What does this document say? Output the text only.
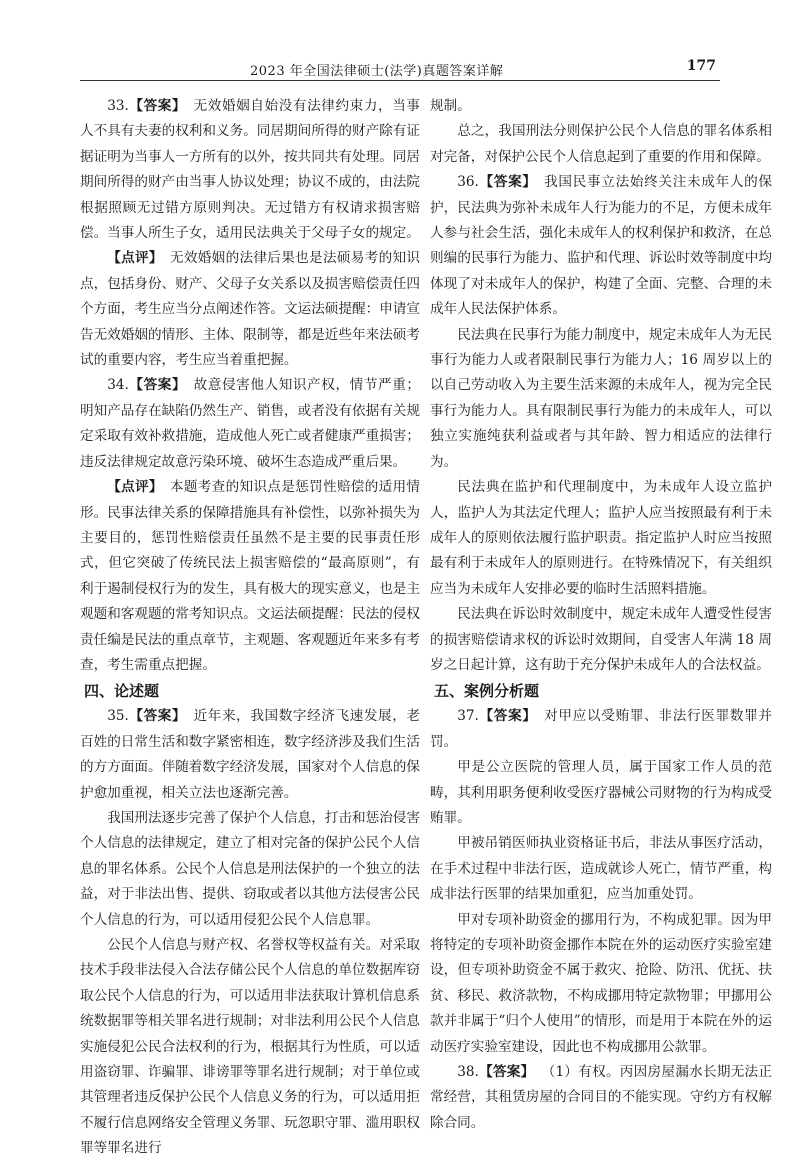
2023 年全国法律硕士(法学)真题答案详解	177

33.【答案】  无效婚姻自始没有法律约束力，当事人不具有夫妻的权利和义务。同居期间所得的财产除有证据证明为当事人一方所有的以外，按共同共有处理。同居期间所得的财产由当事人协议处理；协议不成的，由法院根据照顾无过错方原则判决。无过错方有权请求损害赔偿。当事人所生子女，适用民法典关于父母子女的规定。

【点评】  无效婚姻的法律后果也是法硕易考的知识点，包括身份、财产、父母子女关系以及损害赔偿责任四个方面，考生应当分点阐述作答。文运法硕提醒：申请宣告无效婚姻的情形、主体、限制等，都是近些年来法硕考试的重要内容，考生应当着重把握。

34.【答案】  故意侵害他人知识产权，情节严重；明知产品存在缺陷仍然生产、销售，或者没有依据有关规定采取有效补救措施，造成他人死亡或者健康严重损害；违反法律规定故意污染环境、破坏生态造成严重后果。

【点评】  本题考查的知识点是惩罚性赔偿的适用情形。民事法律关系的保障措施具有补偿性，以弥补损失为主要目的，惩罚性赔偿责任虽然不是主要的民事责任形式，但它突破了传统民法上损害赔偿的“最高原则”，有利于遏制侵权行为的发生，具有极大的现实意义，也是主观题和客观题的常考知识点。文运法硕提醒：民法的侵权责任编是民法的重点章节，主观题、客观题近年来多有考查，考生需重点把握。

四、论述题

35.【答案】  近年来，我国数字经济飞速发展，老百姓的日常生活和数字紧密相连，数字经济涉及我们生活的方方面面。伴随着数字经济发展，国家对个人信息的保护愈加重视，相关立法也逐渐完善。

我国刑法逐步完善了保护个人信息，打击和惩治侵害个人信息的法律规定，建立了相对完备的保护公民个人信息的罪名体系。公民个人信息是刑法保护的一个独立的法益，对于非法出售、提供、窃取或者以其他方法侵害公民个人信息的行为，可以适用侵犯公民个人信息罪。

公民个人信息与财产权、名誉权等权益有关。对采取技术手段非法侵入合法存储公民个人信息的单位数据库窃取公民个人信息的行为，可以适用非法获取计算机信息系统数据罪等相关罪名进行规制；对非法利用公民个人信息实施侵犯公民合法权利的行为，根据其行为性质，可以适用盗窃罪、诈骗罪、诽谤罪等罪名进行规制；对于单位或其管理者违反保护公民个人信息义务的行为，可以适用拒不履行信息网络安全管理义务罪、玩忽职守罪、滥用职权罪等罪名进行

规制。

总之，我国刑法分则保护公民个人信息的罪名体系相对完备，对保护公民个人信息起到了重要的作用和保障。

36.【答案】  我国民事立法始终关注未成年人的保护，民法典为弥补未成年人行为能力的不足，方便未成年人参与社会生活，强化未成年人的权利保护和救济，在总则编的民事行为能力、监护和代理、诉讼时效等制度中均体现了对未成年人的保护，构建了全面、完整、合理的未成年人民法保护体系。

民法典在民事行为能力制度中，规定未成年人为无民事行为能力人或者限制民事行为能力人；16 周岁以上的以自己劳动收入为主要生活来源的未成年人，视为完全民事行为能力人。具有限制民事行为能力的未成年人，可以独立实施纯获利益或者与其年龄、智力相适应的法律行为。

民法典在监护和代理制度中，为未成年人设立监护人，监护人为其法定代理人；监护人应当按照最有利于未成年人的原则依法履行监护职责。指定监护人时应当按照最有利于未成年人的原则进行。在特殊情况下，有关组织应当为未成年人安排必要的临时生活照料措施。

民法典在诉讼时效制度中，规定未成年人遭受性侵害的损害赔偿请求权的诉讼时效期间，自受害人年满 18 周岁之日起计算，这有助于充分保护未成年人的合法权益。

五、案例分析题

37.【答案】  对甲应以受贿罪、非法行医罪数罪并罚。

甲是公立医院的管理人员，属于国家工作人员的范畴，其利用职务便利收受医疗器械公司财物的行为构成受贿罪。

甲被吊销医师执业资格证书后，非法从事医疗活动，在手术过程中非法行医，造成就诊人死亡，情节严重，构成非法行医罪的结果加重犯，应当加重处罚。

甲对专项补助资金的挪用行为，不构成犯罪。因为甲将特定的专项补助资金挪作本院在外的运动医疗实验室建设，但专项补助资金不属于救灾、抢险、防汛、优抚、扶贫、移民、救济款物，不构成挪用特定款物罪；甲挪用公款并非属于“归个人使用”的情形，而是用于本院在外的运动医疗实验室建设，因此也不构成挪用公款罪。

38.【答案】  （1）有权。丙因房屋漏水长期无法正常经营，其租赁房屋的合同目的不能实现。守约方有权解除合同。
